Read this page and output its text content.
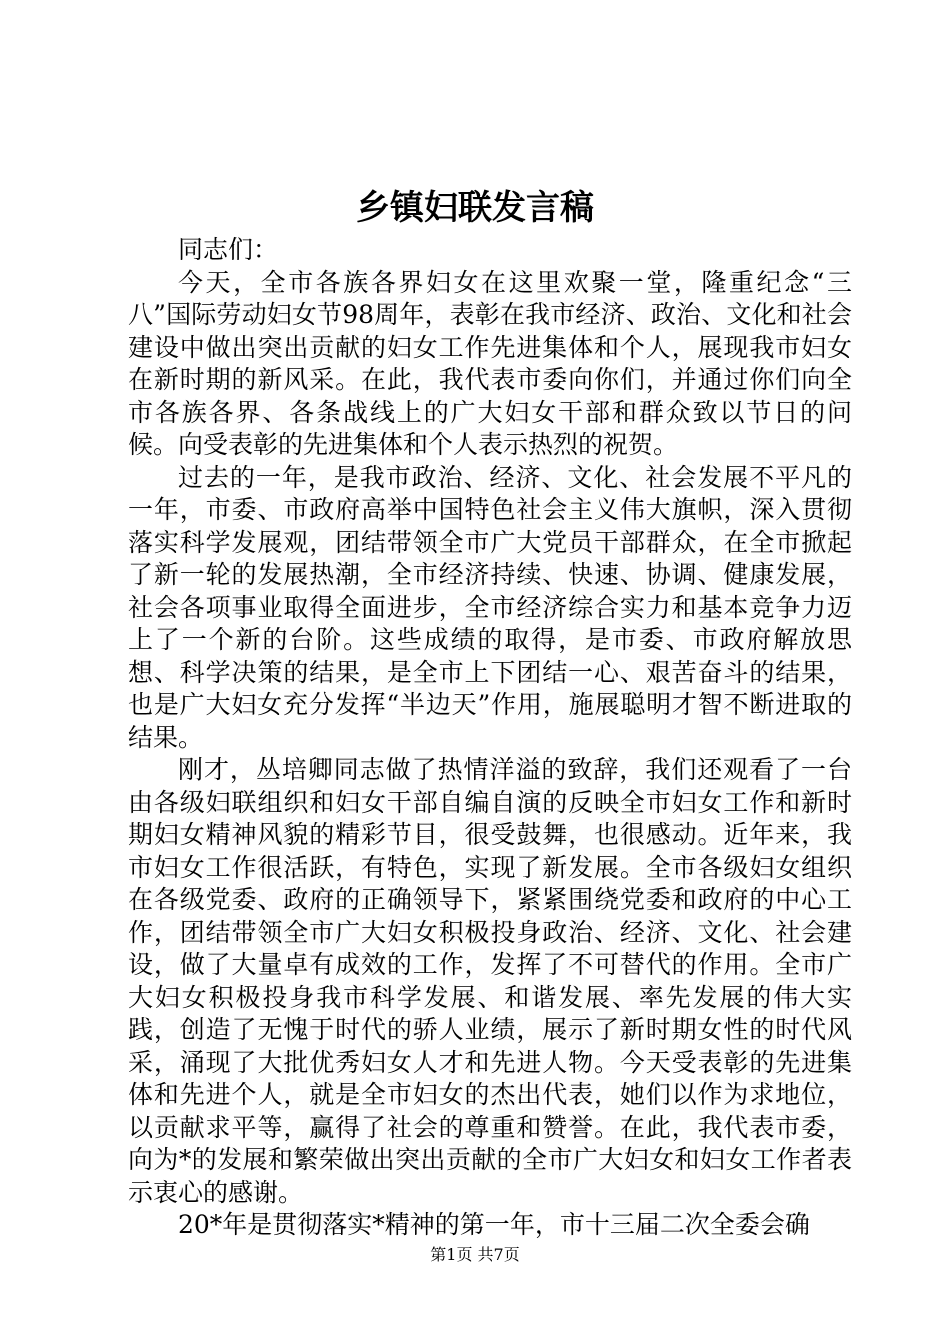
乡镇妇联发言稿

同志们：

今天，全市各族各界妇女在这里欢聚一堂，隆重纪念“三八”国际劳动妇女节98周年，表彰在我市经济、政治、文化和社会建设中做出突出贡献的妇女工作先进集体和个人，展现我市妇女在新时期的新风采。在此，我代表市委向你们，并通过你们向全市各族各界、各条战线上的广大妇女干部和群众致以节日的问候。向受表彰的先进集体和个人表示热烈的祝贺。

过去的一年，是我市政治、经济、文化、社会发展不平凡的一年，市委、市政府高举中国特色社会主义伟大旗帜，深入贯彻落实科学发展观，团结带领全市广大党员干部群众，在全市掀起了新一轮的发展热潮，全市经济持续、快速、协调、健康发展，社会各项事业取得全面进步，全市经济综合实力和基本竞争力迈上了一个新的台阶。这些成绩的取得，是市委、市政府解放思想、科学决策的结果，是全市上下团结一心、艰苦奋斗的结果，也是广大妇女充分发挥“半边天”作用，施展聪明才智不断进取的结果。

刚才，丛培卿同志做了热情洋溢的致辞，我们还观看了一台由各级妇联组织和妇女干部自编自演的反映全市妇女工作和新时期妇女精神风貌的精彩节目，很受鼓舞，也很感动。近年来，我市妇女工作很活跃，有特色，实现了新发展。全市各级妇女组织在各级党委、政府的正确领导下，紧紧围绕党委和政府的中心工作，团结带领全市广大妇女积极投身政治、经济、文化、社会建设，做了大量卓有成效的工作，发挥了不可替代的作用。全市广大妇女积极投身我市科学发展、和谐发展、率先发展的伟大实践，创造了无愧于时代的骄人业绩，展示了新时期女性的时代风采，涌现了大批优秀妇女人才和先进人物。今天受表彰的先进集体和先进个人，就是全市妇女的杰出代表，她们以作为求地位，以贡献求平等，赢得了社会的尊重和赞誉。在此，我代表市委，向为*的发展和繁荣做出突出贡献的全市广大妇女和妇女工作者表示衷心的感谢。

20*年是贯彻落实*精神的第一年，市十三届二次全委会确

第1页 共7页
